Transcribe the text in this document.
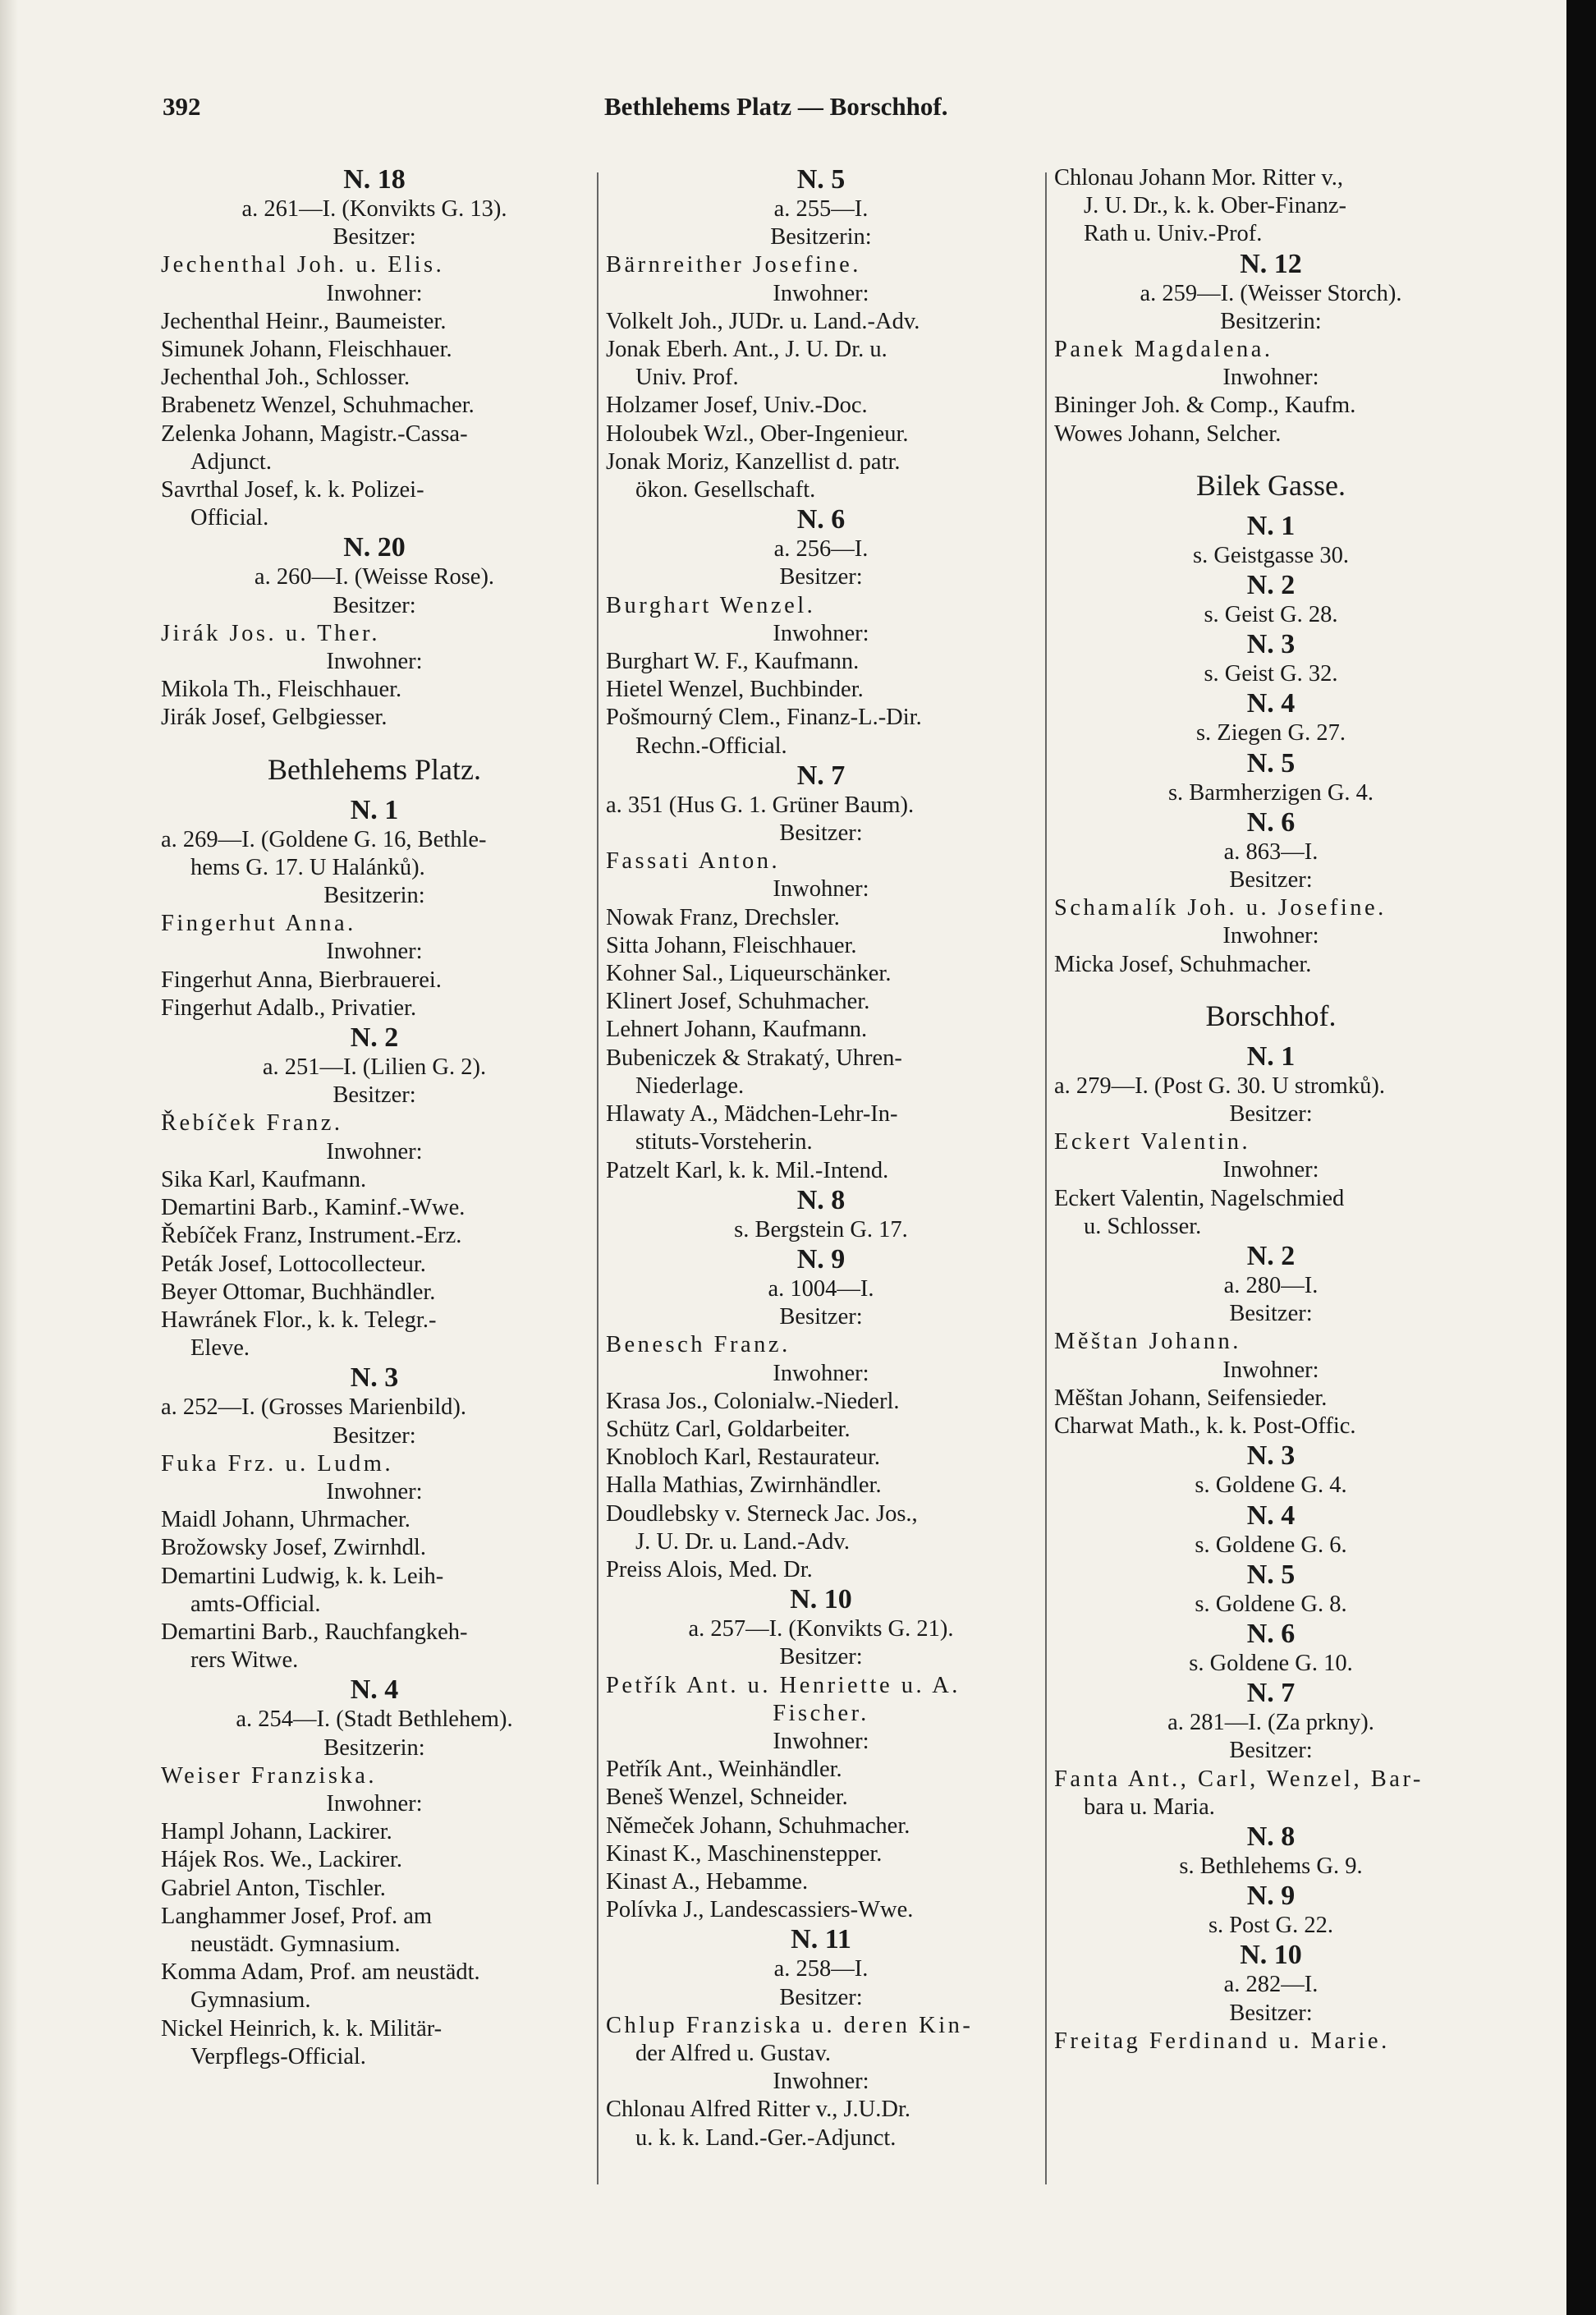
392	Bethlehems Platz — Borschhof.
N. 18
a. 261—I. (Konvikts G. 13).
Besitzer:
Jechenthal Joh. u. Elis.
Inwohner:
Jechenthal Heinr., Baumeister.
Simunek Johann, Fleischhauer.
Jechenthal Joh., Schlosser.
Brabenetz Wenzel, Schuhmacher.
Zelenka Johann, Magistr.-Cassa-
Adjunct.
Savrthal Josef, k. k. Polizei-
Official.
N. 20
a. 260—I. (Weisse Rose).
Besitzer:
Jirák Jos. u. Ther.
Inwohner:
Mikola Th., Fleischhauer.
Jirák Josef, Gelbgiesser.
Bethlehems Platz.
N. 1
a. 269—I. (Goldene G. 16, Bethle-
hems G. 17. U Halánků).
Besitzerin:
Fingerhut Anna.
Inwohner:
Fingerhut Anna, Bierbrauerei.
Fingerhut Adalb., Privatier.
N. 2
a. 251—I. (Lilien G. 2).
Besitzer:
Řebíček Franz.
Inwohner:
Sika Karl, Kaufmann.
Demartini Barb., Kaminf.-Wwe.
Řebíček Franz, Instrument.-Erz.
Peták Josef, Lottocollecteur.
Beyer Ottomar, Buchhändler.
Hawránek Flor., k. k. Telegr.-
Eleve.
N. 3
a. 252—I. (Grosses Marienbild).
Besitzer:
Fuka Frz. u. Ludm.
Inwohner:
Maidl Johann, Uhrmacher.
Brožowsky Josef, Zwirnhdl.
Demartini Ludwig, k. k. Leih-
amts-Official.
Demartini Barb., Rauchfangkeh-
rers Witwe.
N. 4
a. 254—I. (Stadt Bethlehem).
Besitzerin:
Weiser Franziska.
Inwohner:
Hampl Johann, Lackirer.
Hájek Ros. We., Lackirer.
Gabriel Anton, Tischler.
Langhammer Josef, Prof. am
neustädt. Gymnasium.
Komma Adam, Prof. am neustädt.
Gymnasium.
Nickel Heinrich, k. k. Militär-
Verpflegs-Official.
N. 5
a. 255—I.
Besitzerin:
Bärnreither Josefine.
Inwohner:
Volkelt Joh., JUDr. u. Land.-Adv.
Jonak Eberh. Ant., J. U. Dr. u.
Univ. Prof.
Holzamer Josef, Univ.-Doc.
Holoubek Wzl., Ober-Ingenieur.
Jonak Moriz, Kanzellist d. patr.
ökon. Gesellschaft.
N. 6
a. 256—I.
Besitzer:
Burghart Wenzel.
Inwohner:
Burghart W. F., Kaufmann.
Hietel Wenzel, Buchbinder.
Pošmourný Clem., Finanz-L.-Dir.
Rechn.-Official.
N. 7
a. 351 (Hus G. 1. Grüner Baum).
Besitzer:
Fassati Anton.
Inwohner:
Nowak Franz, Drechsler.
Sitta Johann, Fleischhauer.
Kohner Sal., Liqueurschänker.
Klinert Josef, Schuhmacher.
Lehnert Johann, Kaufmann.
Bubeniczek & Strakatý, Uhren-
Niederlage.
Hlawaty A., Mädchen-Lehr-In-
stituts-Vorsteherin.
Patzelt Karl, k. k. Mil.-Intend.
N. 8
s. Bergstein G. 17.
N. 9
a. 1004—I.
Besitzer:
Benesch Franz.
Inwohner:
Krasa Jos., Colonialw.-Niederl.
Schütz Carl, Goldarbeiter.
Knobloch Karl, Restaurateur.
Halla Mathias, Zwirnhändler.
Doudlebsky v. Sterneck Jac. Jos.,
J. U. Dr. u. Land.-Adv.
Preiss Alois, Med. Dr.
N. 10
a. 257—I. (Konvikts G. 21).
Besitzer:
Petřík Ant. u. Henriette u. A.
Fischer.
Inwohner:
Petřík Ant., Weinhändler.
Beneš Wenzel, Schneider.
Němeček Johann, Schuhmacher.
Kinast K., Maschinenstepper.
Kinast A., Hebamme.
Polívka J., Landescassiers-Wwe.
N. 11
a. 258—I.
Besitzer:
Chlup Franziska u. deren Kin-
der Alfred u. Gustav.
Inwohner:
Chlonau Alfred Ritter v., J.U.Dr.
u. k. k. Land.-Ger.-Adjunct.
Chlonau Johann Mor. Ritter v.,
J. U. Dr., k. k. Ober-Finanz-
Rath u. Univ.-Prof.
N. 12
a. 259—I. (Weisser Storch).
Besitzerin:
Panek Magdalena.
Inwohner:
Bininger Joh. & Comp., Kaufm.
Wowes Johann, Selcher.
Bilek Gasse.
N. 1
s. Geistgasse 30.
N. 2
s. Geist G. 28.
N. 3
s. Geist G. 32.
N. 4
s. Ziegen G. 27.
N. 5
s. Barmherzigen G. 4.
N. 6
a. 863—I.
Besitzer:
Schamalík Joh. u. Josefine.
Inwohner:
Micka Josef, Schuhmacher.
Borschhof.
N. 1
a. 279—I. (Post G. 30. U stromků).
Besitzer:
Eckert Valentin.
Inwohner:
Eckert Valentin, Nagelschmied
u. Schlosser.
N. 2
a. 280—I.
Besitzer:
Měštan Johann.
Inwohner:
Měštan Johann, Seifensieder.
Charwat Math., k. k. Post-Offic.
N. 3
s. Goldene G. 4.
N. 4
s. Goldene G. 6.
N. 5
s. Goldene G. 8.
N. 6
s. Goldene G. 10.
N. 7
a. 281—I. (Za prkny).
Besitzer:
Fanta Ant., Carl, Wenzel, Bar-
bara u. Maria.
N. 8
s. Bethlehems G. 9.
N. 9
s. Post G. 22.
N. 10
a. 282—I.
Besitzer:
Freitag Ferdinand u. Marie.
